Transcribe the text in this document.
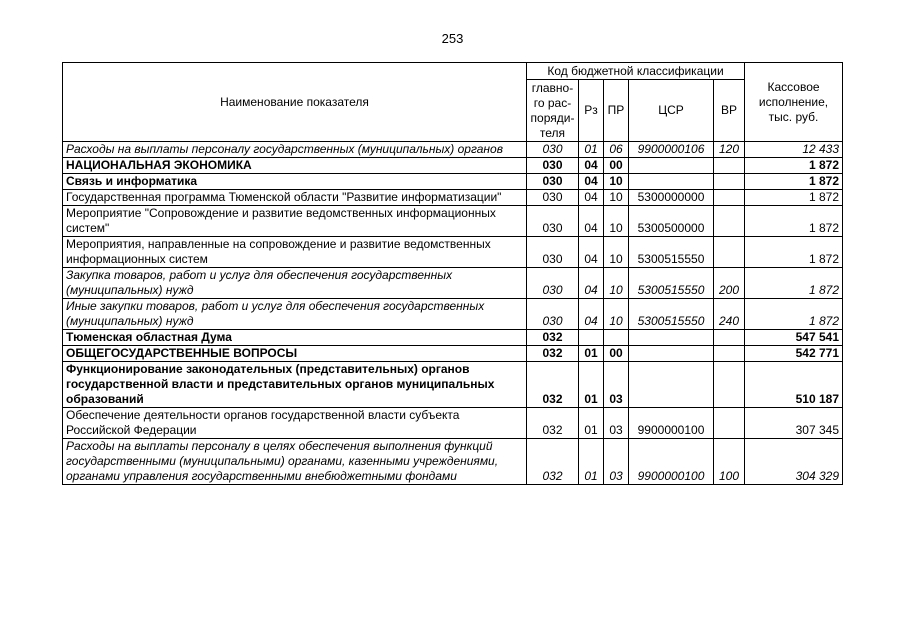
253
Наименование показателя	Код бюджетной классификации					Кассовое
исполнение,
тыс. руб.
	главно-
го рас-
поряди-
теля	Рз	ПР	ЦСР	ВР	
Расходы на выплаты персоналу государственных (муниципальных) органов	030	01	06	9900000106	120	12 433
НАЦИОНАЛЬНАЯ ЭКОНОМИКА	030	04	00			1 872
Связь и информатика	030	04	10			1 872
Государственная программа Тюменской области "Развитие информатизации"	030	04	10	5300000000		1 872
Мероприятие "Сопровождение и развитие ведомственных информационных систем"	030	04	10	5300500000		1 872
Мероприятия, направленные на сопровождение и развитие ведомственных информационных систем	030	04	10	5300515550		1 872
Закупка товаров, работ и услуг для обеспечения государственных (муниципальных) нужд	030	04	10	5300515550	200	1 872
Иные закупки товаров, работ и услуг для обеспечения государственных (муниципальных) нужд	030	04	10	5300515550	240	1 872
Тюменская областная Дума	032					547 541
ОБЩЕГОСУДАРСТВЕННЫЕ ВОПРОСЫ	032	01	00			542 771
Функционирование законодательных (представительных) органов государственной власти и представительных органов муниципальных образований	032	01	03			510 187
Обеспечение деятельности органов государственной власти субъекта Российской Федерации	032	01	03	9900000100		307 345
Расходы на выплаты персоналу в целях обеспечения выполнения функций государственными (муниципальными) органами, казенными учреждениями, органами управления государственными внебюджетными фондами	032	01	03	9900000100	100	304 329
